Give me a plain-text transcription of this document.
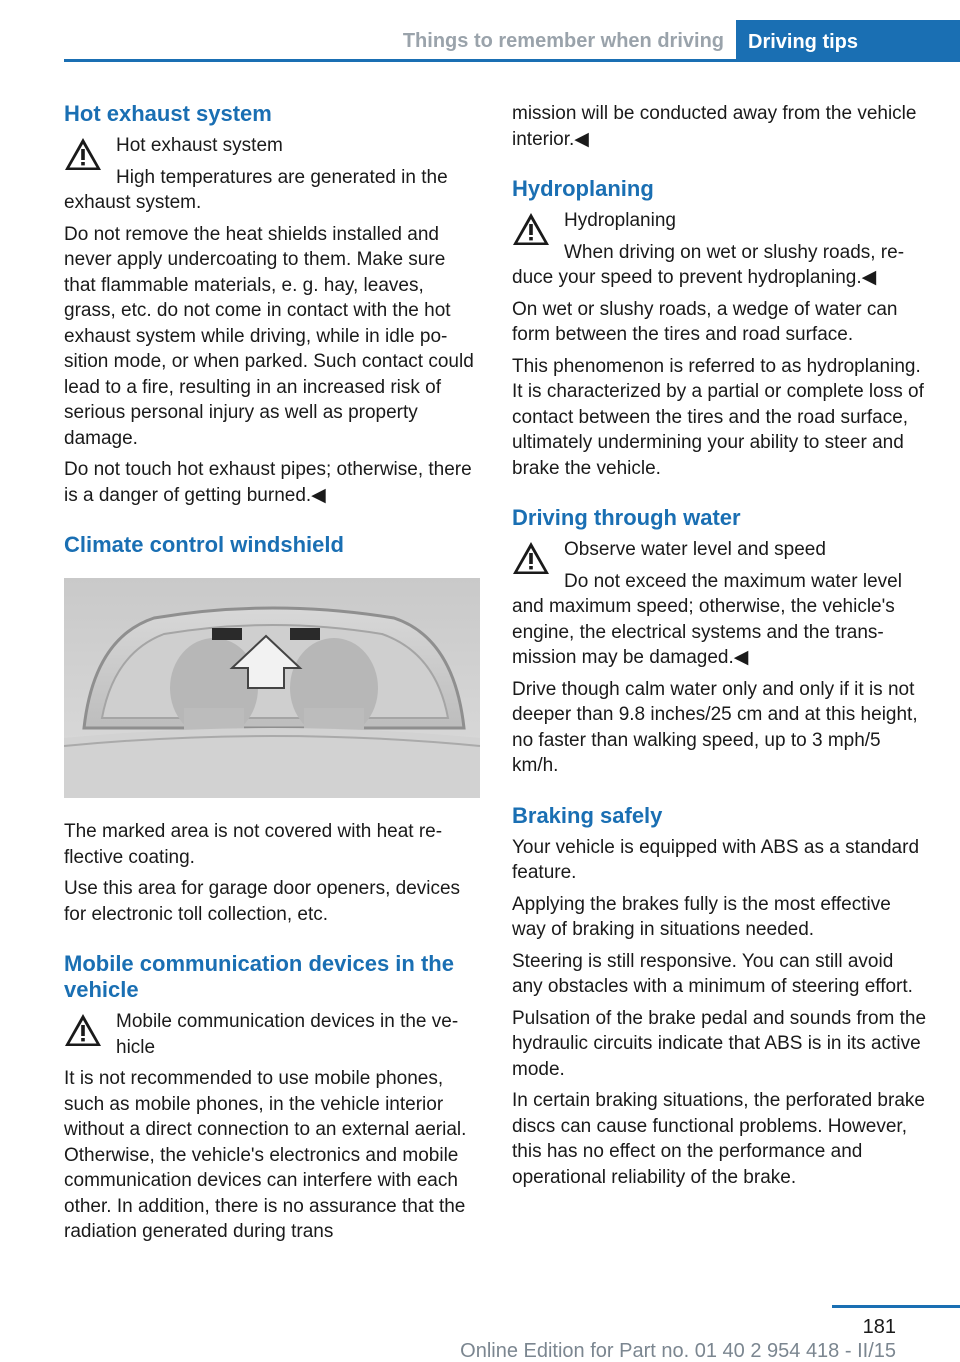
Things to remember when driving	Driving tips
Hot exhaust system

Hot exhaust system

High temperatures are generated in the exhaust system.

Do not remove the heat shields installed and never apply undercoating to them. Make sure that flammable materials, e. g. hay, leaves, grass, etc. do not come in contact with the hot exhaust system while driving, while in idle position mode, or when parked. Such contact could lead to a fire, resulting in an increased risk of serious personal injury as well as property damage.

Do not touch hot exhaust pipes; otherwise, there is a danger of getting burned.◀

Climate control windshield

The marked area is not covered with heat reflective coating.

Use this area for garage door openers, devices for electronic toll collection, etc.

Mobile communication devices in the vehicle

Mobile communication devices in the vehicle

It is not recommended to use mobile phones, such as mobile phones, in the vehicle interior without a direct connection to an external aerial. Otherwise, the vehicle's electronics and mobile communication devices can interfere with each other. In addition, there is no assurance that the radiation generated during trans

mission will be conducted away from the vehicle interior.◀

Hydroplaning

Hydroplaning

When driving on wet or slushy roads, reduce your speed to prevent hydroplaning.◀

On wet or slushy roads, a wedge of water can form between the tires and road surface.

This phenomenon is referred to as hydroplaning. It is characterized by a partial or complete loss of contact between the tires and the road surface, ultimately undermining your ability to steer and brake the vehicle.

Driving through water

Observe water level and speed

Do not exceed the maximum water level and maximum speed; otherwise, the vehicle's engine, the electrical systems and the transmission may be damaged.◀

Drive though calm water only and only if it is not deeper than 9.8 inches/25 cm and at this height, no faster than walking speed, up to 3 mph/5 km/h.

Braking safely

Your vehicle is equipped with ABS as a standard feature.

Applying the brakes fully is the most effective way of braking in situations needed.

Steering is still responsive. You can still avoid any obstacles with a minimum of steering effort.

Pulsation of the brake pedal and sounds from the hydraulic circuits indicate that ABS is in its active mode.

In certain braking situations, the perforated brake discs can cause functional problems. However, this has no effect on the performance and operational reliability of the brake.

181
Online Edition for Part no. 01 40 2 954 418 - II/15
